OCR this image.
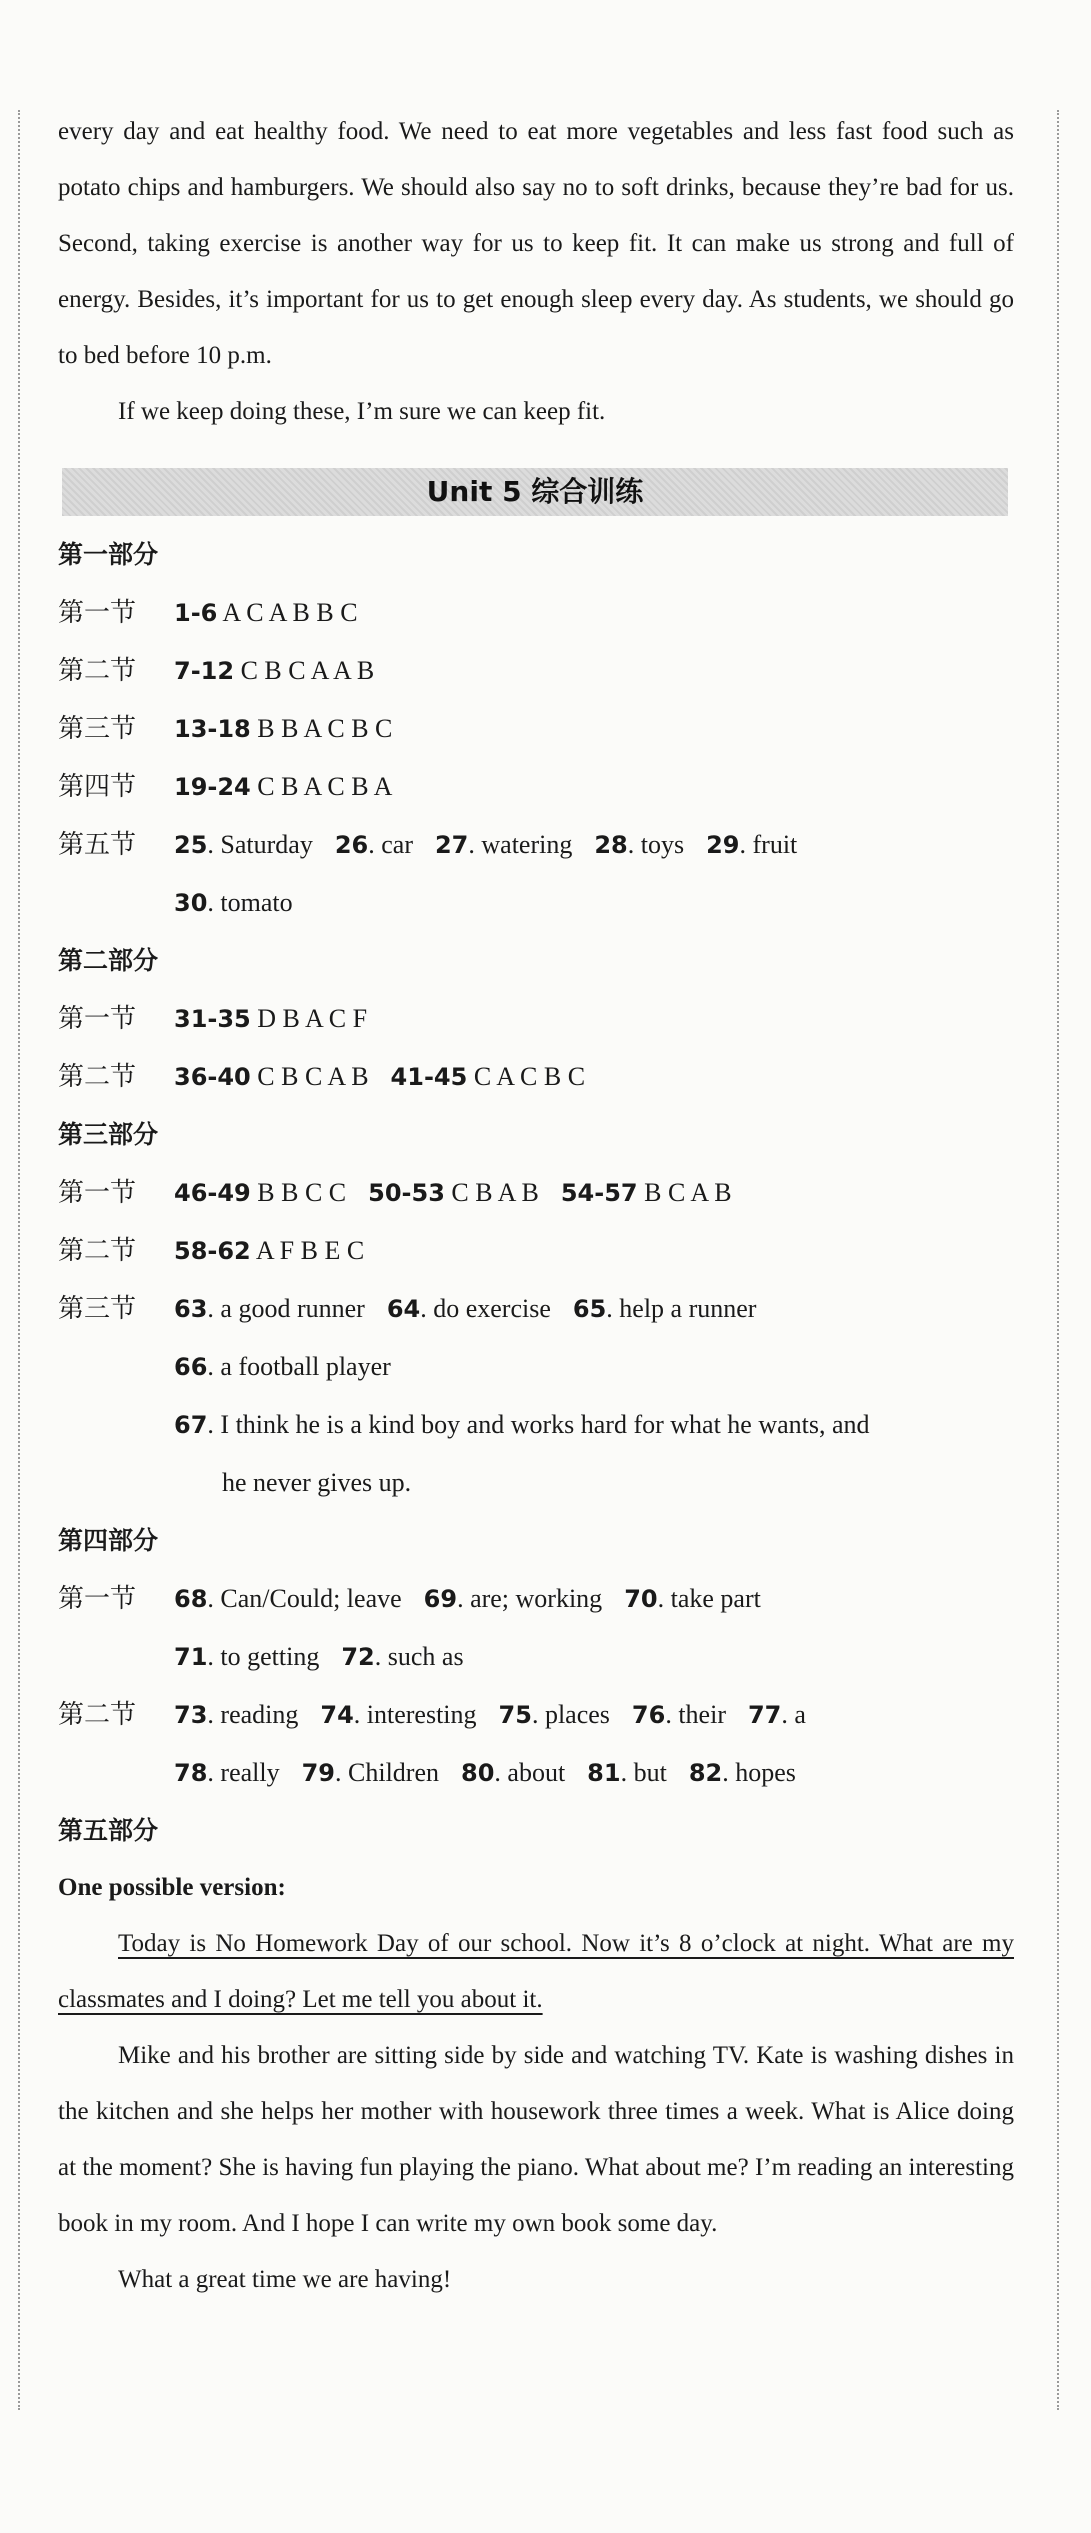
every day and eat healthy food. We need to eat more vegetables and less fast food such as potato chips and hamburgers. We should also say no to soft drinks, because they’re bad for us. Second, taking exercise is another way for us to keep fit. It can make us strong and full of energy. Besides, it’s important for us to get enough sleep every day. As students, we should go to bed before 10 p.m.

If we keep doing these, I’m sure we can keep fit.

Unit 5 综合训练

第一部分

第一节	1-6 A C A B B C
第二节	7-12 C B C A A B
第三节	13-18 B B A C B C
第四节	19-24 C B A C B A
第五节	25. Saturday 26. car 27. watering 28. toys 29. fruit
30. tomato

第二部分

第一节	31-35 D B A C F
第二节	36-40 C B C A B 41-45 C A C B C

第三部分

第一节	46-49 B B C C 50-53 C B A B 54-57 B C A B
第二节	58-62 A F B E C
第三节	63. a good runner 64. do exercise 65. help a runner
66. a football player
67. I think he is a kind boy and works hard for what he wants, and
he never gives up.

第四部分

第一节	68. Can/Could; leave 69. are; working 70. take part
71. to getting 72. such as
第二节	73. reading 74. interesting 75. places 76. their 77. a
78. really 79. Children 80. about 81. but 82. hopes

第五部分

One possible version:

Today is No Homework Day of our school. Now it’s 8 o’clock at night. What are my classmates and I doing? Let me tell you about it.

Mike and his brother are sitting side by side and watching TV. Kate is washing dishes in the kitchen and she helps her mother with housework three times a week. What is Alice doing at the moment? She is having fun playing the piano. What about me? I’m reading an interesting book in my room. And I hope I can write my own book some day.

What a great time we are having!
